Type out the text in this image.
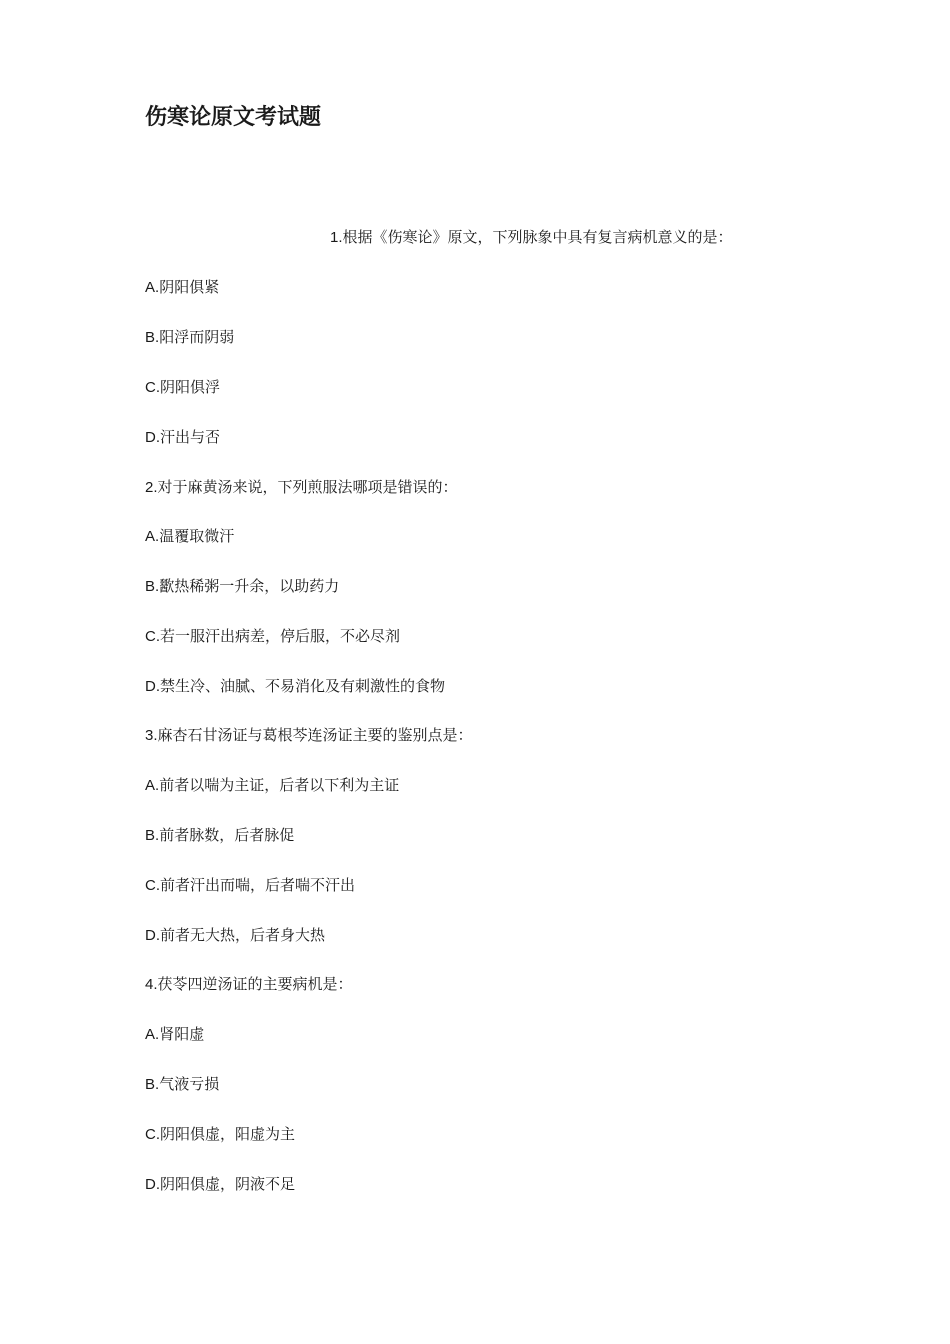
伤寒论原文考试题

1.根据《伤寒论》原文，下列脉象中具有复言病机意义的是：

A.阴阳俱紧

B.阳浮而阴弱

C.阴阳俱浮

D.汗出与否

2.对于麻黄汤来说，下列煎服法哪项是错误的：

A.温覆取微汗

B.歠热稀粥一升余，以助药力

C.若一服汗出病差，停后服，不必尽剂

D.禁生冷、油腻、不易消化及有刺激性的食物

3.麻杏石甘汤证与葛根芩连汤证主要的鉴别点是：

A.前者以喘为主证，后者以下利为主证

B.前者脉数，后者脉促

C.前者汗出而喘，后者喘不汗出

D.前者无大热，后者身大热

4.茯苓四逆汤证的主要病机是：

A.肾阳虚

B.气液亏损

C.阴阳俱虚，阳虚为主

D.阴阳俱虚，阴液不足
